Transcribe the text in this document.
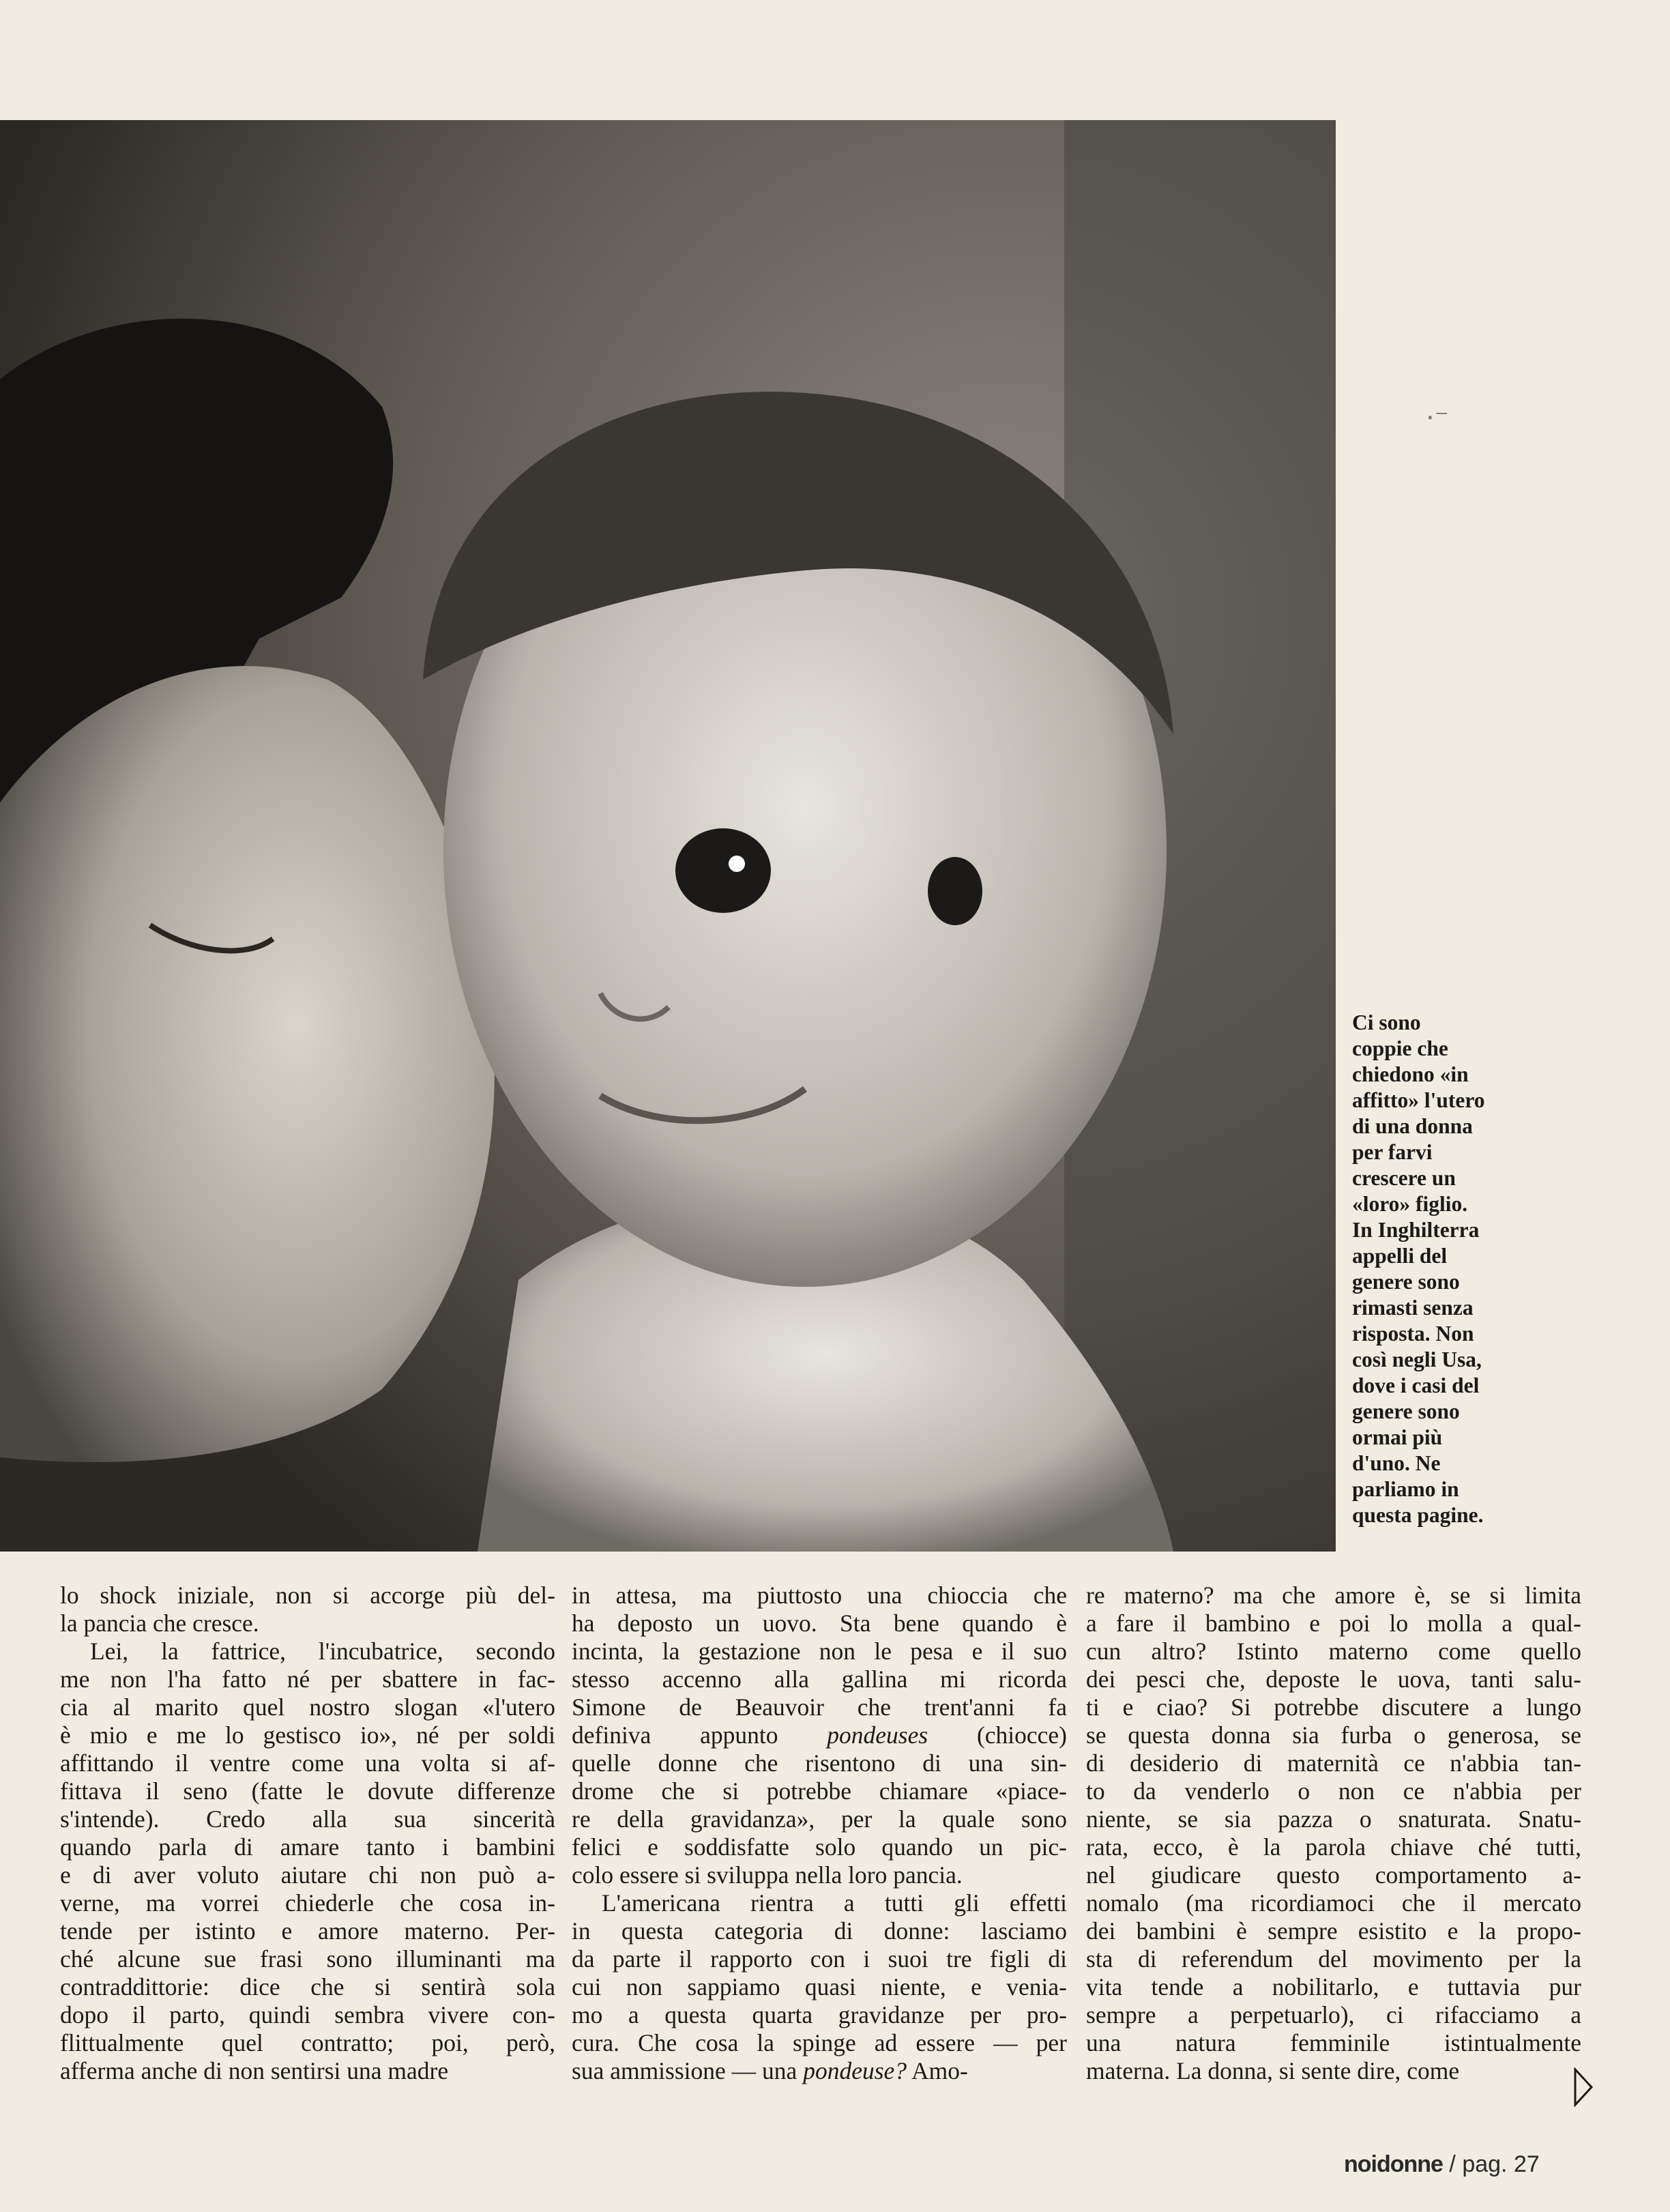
·⁻

Ci sono

coppie che

chiedono «in

affitto» l'utero

di una donna

per farvi

crescere un

«loro» figlio.

In Inghilterra

appelli del

genere sono

rimasti senza

risposta. Non

così negli Usa,

dove i casi del

genere sono

ormai più

d'uno. Ne

parliamo in

questa pagine.

lo shock iniziale, non si accorge più del-

la pancia che cresce.

Lei, la fattrice, l'incubatrice, secondo

me non l'ha fatto né per sbattere in fac-

cia al marito quel nostro slogan «l'utero

è mio e me lo gestisco io», né per soldi

affittando il ventre come una volta si af-

fittava il seno (fatte le dovute differenze

s'intende). Credo alla sua sincerità

quando parla di amare tanto i bambini

e di aver voluto aiutare chi non può a-

verne, ma vorrei chiederle che cosa in-

tende per istinto e amore materno. Per-

ché alcune sue frasi sono illuminanti ma

contraddittorie: dice che si sentirà sola

dopo il parto, quindi sembra vivere con-

flittualmente quel contratto; poi, però,

afferma anche di non sentirsi una madre

in attesa, ma piuttosto una chioccia che

ha deposto un uovo. Sta bene quando è

incinta, la gestazione non le pesa e il suo

stesso accenno alla gallina mi ricorda

Simone de Beauvoir che trent'anni fa

definiva appunto pondeuses (chiocce)

quelle donne che risentono di una sin-

drome che si potrebbe chiamare «piace-

re della gravidanza», per la quale sono

felici e soddisfatte solo quando un pic-

colo essere si sviluppa nella loro pancia.

L'americana rientra a tutti gli effetti

in questa categoria di donne: lasciamo

da parte il rapporto con i suoi tre figli di

cui non sappiamo quasi niente, e venia-

mo a questa quarta gravidanze per pro-

cura. Che cosa la spinge ad essere — per

sua ammissione — una pondeuse? Amo-

re materno? ma che amore è, se si limita

a fare il bambino e poi lo molla a qual-

cun altro? Istinto materno come quello

dei pesci che, deposte le uova, tanti salu-

ti e ciao? Si potrebbe discutere a lungo

se questa donna sia furba o generosa, se

di desiderio di maternità ce n'abbia tan-

to da venderlo o non ce n'abbia per

niente, se sia pazza o snaturata. Snatu-

rata, ecco, è la parola chiave ché tutti,

nel giudicare questo comportamento a-

nomalo (ma ricordiamoci che il mercato

dei bambini è sempre esistito e la propo-

sta di referendum del movimento per la

vita tende a nobilitarlo, e tuttavia pur

sempre a perpetuarlo), ci rifacciamo a

una natura femminile istintualmente

materna. La donna, si sente dire, come

noidonne / pag. 27
